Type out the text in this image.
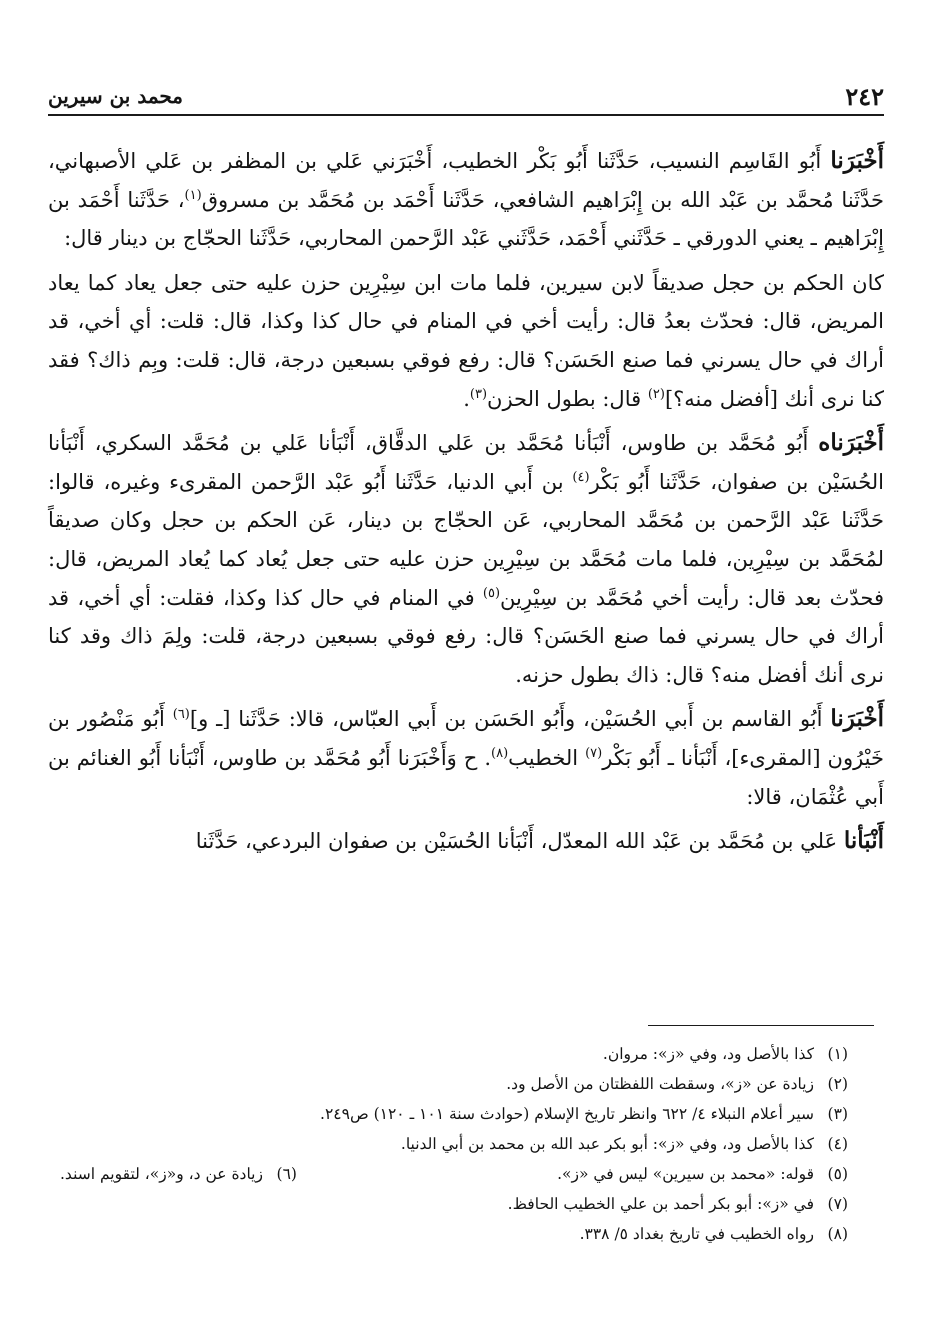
٢٤٢
محمد بن سيرين

أَخْبَرَنا أَبُو القَاسِم النسيب، حَدَّثَنا أَبُو بَكْر الخطيب، أَخْبَرَني عَلي بن المظفر بن عَلي الأصبهاني، حَدَّثَنا مُحمَّد بن عَبْد الله بن إِبْرَاهيم الشافعي، حَدَّثَنا أَحْمَد بن مُحَمَّد بن مسروق$^{(١)}$، حَدَّثَنا أَحْمَد بن إِبْرَاهيم ـ يعني الدورقي ـ حَدَّثَني أَحْمَد، حَدَّثَني عَبْد الرَّحمن المحاربي، حَدَّثَنا الحجّاج بن دينار قال:

كان الحكم بن حجل صديقاً لابن سيرين، فلما مات ابن سِيْرِين حزن عليه حتى جعل يعاد كما يعاد المريض، قال: فحدّث بعدُ قال: رأيت أخي في المنام في حال كذا وكذا، قال: قلت: أي أخي، قد أراك في حال يسرني فما صنع الحَسَن؟ قال: رفع فوقي بسبعين درجة، قال: قلت: وبِم ذاك؟ فقد كنا نرى أنك [أفضل منه؟]$^{(٢)}$ قال: بطول الحزن$^{(٣)}$.

أَخْبَرَناه أَبُو مُحَمَّد بن طاوس، أَنْبَأنا مُحَمَّد بن عَلي الدقَّاق، أَنْبَأنا عَلي بن مُحَمَّد السكري، أَنْبَأنا الحُسَيْن بن صفوان، حَدَّثَنا أَبُو بَكْر$^{(٤)}$ بن أَبي الدنيا، حَدَّثَنا أَبُو عَبْد الرَّحمن المقرىء وغيره، قالوا: حَدَّثَنا عَبْد الرَّحمن بن مُحَمَّد المحاربي، عَن الحجّاج بن دينار، عَن الحكم بن حجل وكان صديقاً لمُحَمَّد بن سِيْرِين، فلما مات مُحَمَّد بن سِيْرِين حزن عليه حتى جعل يُعاد كما يُعاد المريض، قال: فحدّث بعد قال: رأيت أخي مُحَمَّد بن سِيْرِين$^{(٥)}$ في المنام في حال كذا وكذا، فقلت: أي أخي، قد أراك في حال يسرني فما صنع الحَسَن؟ قال: رفع فوقي بسبعين درجة، قلت: ولِمَ ذاك وقد كنا نرى أنك أفضل منه؟ قال: ذاك بطول حزنه.

أَخْبَرَنا أَبُو القاسم بن أَبي الحُسَيْن، وأَبُو الحَسَن بن أَبي العبّاس، قالا: حَدَّثَنا [ـ و]$^{(٦)}$ أَبُو مَنْصُور بن خَيْرُون [المقرىء]، أَنْبَأنا ـ أَبُو بَكْر$^{(٧)}$ الخطيب$^{(٨)}$. ح وَأَخْبَرَنا أَبُو مُحَمَّد بن طاوس، أَنْبَأنا أَبُو الغنائم بن أَبي عُثْمَان، قالا:

أَنْبَأنا عَلي بن مُحَمَّد بن عَبْد الله المعدّل، أَنْبَأنا الحُسَيْن بن صفوان البردعي، حَدَّثَنا

(١)كذا بالأصل ود، وفي «ز»: مروان.
(٢)زيادة عن «ز»، وسقطت اللفظتان من الأصل ود.
(٣)سير أعلام النبلاء ٤/ ٦٢٢ وانظر تاريخ الإسلام (حوادث سنة ١٠١ ـ ١٢٠) ص٢٤٩.
(٤)كذا بالأصل ود، وفي «ز»: أبو بكر عبد الله بن محمد بن أبي الدنيا.
(٥)قوله: «محمد بن سيرين» ليس في «ز».
(٦)زيادة عن د، و«ز»، لتقويم اسند.
(٧)في «ز»: أبو بكر أحمد بن علي الخطيب الحافظ.
(٨)رواه الخطيب في تاريخ بغداد ٥/ ٣٣٨.
